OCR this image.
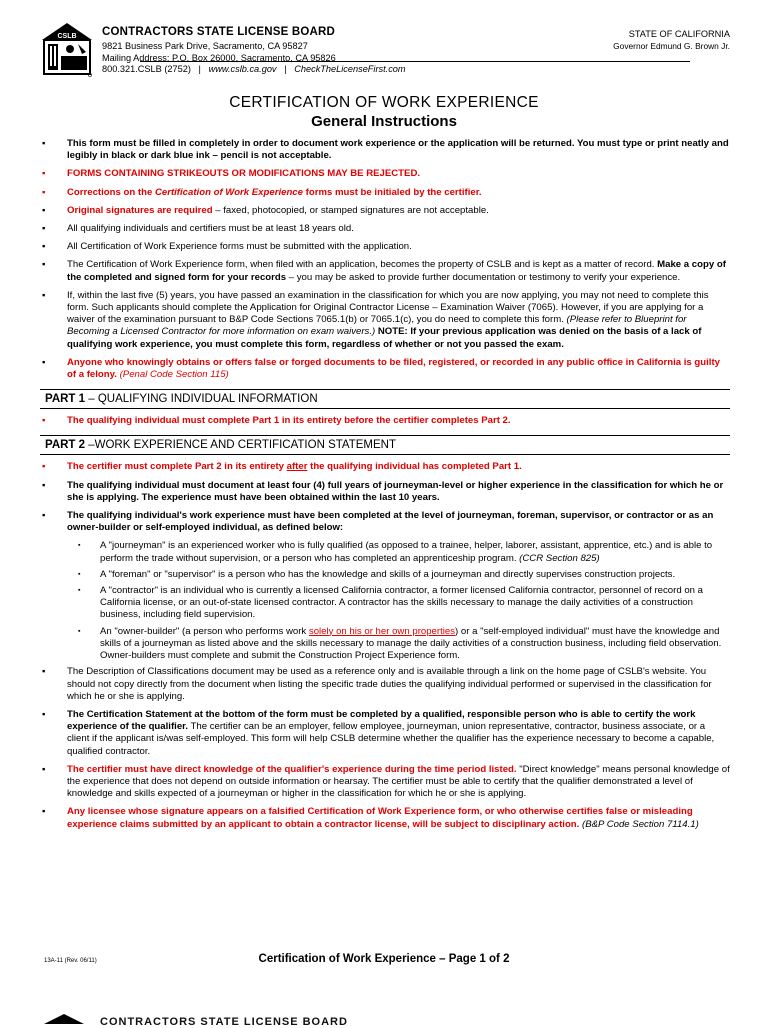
CSLB CONTRACTORS STATE LICENSE BOARD
9821 Business Park Drive, Sacramento, CA 95827
Mailing Address: P.O. Box 26000, Sacramento, CA 95826
800.321.CSLB (2752) | www.cslb.ca.gov | CheckTheLicenseFirst.com
STATE OF CALIFORNIA
Governor Edmund G. Brown Jr.
CERTIFICATION OF WORK EXPERIENCE
General Instructions
▪ This form must be filled in completely in order to document work experience or the application will be returned. You must type or print neatly and legibly in black or dark blue ink – pencil is not acceptable.
▪ FORMS CONTAINING STRIKEOUTS OR MODIFICATIONS MAY BE REJECTED.
▪ Corrections on the Certification of Work Experience forms must be initialed by the certifier.
▪ Original signatures are required – faxed, photocopied, or stamped signatures are not acceptable.
▪ All qualifying individuals and certifiers must be at least 18 years old.
▪ All Certification of Work Experience forms must be submitted with the application.
▪ The Certification of Work Experience form, when filed with an application, becomes the property of CSLB and is kept as a matter of record. Make a copy of the completed and signed form for your records – you may be asked to provide further documentation or testimony to verify your experience.
▪ If, within the last five (5) years, you have passed an examination in the classification for which you are now applying, you may not need to complete this form. Such applicants should complete the Application for Original Contractor License – Examination Waiver (7065). However, if you are applying for a waiver of the examination pursuant to B&P Code Sections 7065.1(b) or 7065.1(c), you do need to complete this form. (Please refer to Blueprint for Becoming a Licensed Contractor for more information on exam waivers.) NOTE: If your previous application was denied on the basis of a lack of qualifying work experience, you must complete this form, regardless of whether or not you passed the exam.
▪ Anyone who knowingly obtains or offers false or forged documents to be filed, registered, or recorded in any public office in California is guilty of a felony. (Penal Code Section 115)
PART 1 – QUALIFYING INDIVIDUAL INFORMATION
▪ The qualifying individual must complete Part 1 in its entirety before the certifier completes Part 2.
PART 2 –WORK EXPERIENCE AND CERTIFICATION STATEMENT
▪ The certifier must complete Part 2 in its entirety after the qualifying individual has completed Part 1.
▪ The qualifying individual must document at least four (4) full years of journeyman-level or higher experience in the classification for which he or she is applying. The experience must have been obtained within the last 10 years.
▪ The qualifying individual's work experience must have been completed at the level of journeyman, foreman, supervisor, or contractor or as an owner-builder or self-employed individual, as defined below:
▪ A "journeyman" is an experienced worker who is fully qualified (as opposed to a trainee, helper, laborer, assistant, apprentice, etc.) and is able to perform the trade without supervision, or a person who has completed an apprenticeship program. (CCR Section 825)
▪ A "foreman" or "supervisor" is a person who has the knowledge and skills of a journeyman and directly supervises construction projects.
▪ A "contractor" is an individual who is currently a licensed California contractor, a former licensed California contractor, personnel of record on a California license, or an out-of-state licensed contractor. A contractor has the skills necessary to manage the daily activities of a construction business, including field supervision.
▪ An "owner-builder" (a person who performs work solely on his or her own properties) or a "self-employed individual" must have the knowledge and skills of a journeyman as listed above and the skills necessary to manage the daily activities of a construction business, including field observation. Owner-builders must complete and submit the Construction Project Experience form.
▪ The Description of Classifications document may be used as a reference only and is available through a link on the home page of CSLB's website. You should not copy directly from the document when listing the specific trade duties the qualifying individual performed or supervised in the classification for which he or she is applying.
▪ The Certification Statement at the bottom of the form must be completed by a qualified, responsible person who is able to certify the work experience of the qualifier. The certifier can be an employer, fellow employee, journeyman, union representative, contractor, business associate, or a client if the applicant is/was self-employed. This form will help CSLB determine whether the qualifier has the experience necessary to become a capable, qualified contractor.
▪ The certifier must have direct knowledge of the qualifier's experience during the time period listed. "Direct knowledge" means personal knowledge of the experience that does not depend on outside information or hearsay. The certifier must be able to certify that the qualifier demonstrated a level of knowledge and skills expected of a journeyman or higher in the classification for which he or she is applying.
▪ Any licensee whose signature appears on a falsified Certification of Work Experience form, or who otherwise certifies false or misleading experience claims submitted by an applicant to obtain a contractor license, will be subject to disciplinary action. (B&P Code Section 7114.1)
13A-11 (Rev. 06/11)	Certification of Work Experience – Page 1 of 2
CONTRACTORS STATE LICENSE BOARD
